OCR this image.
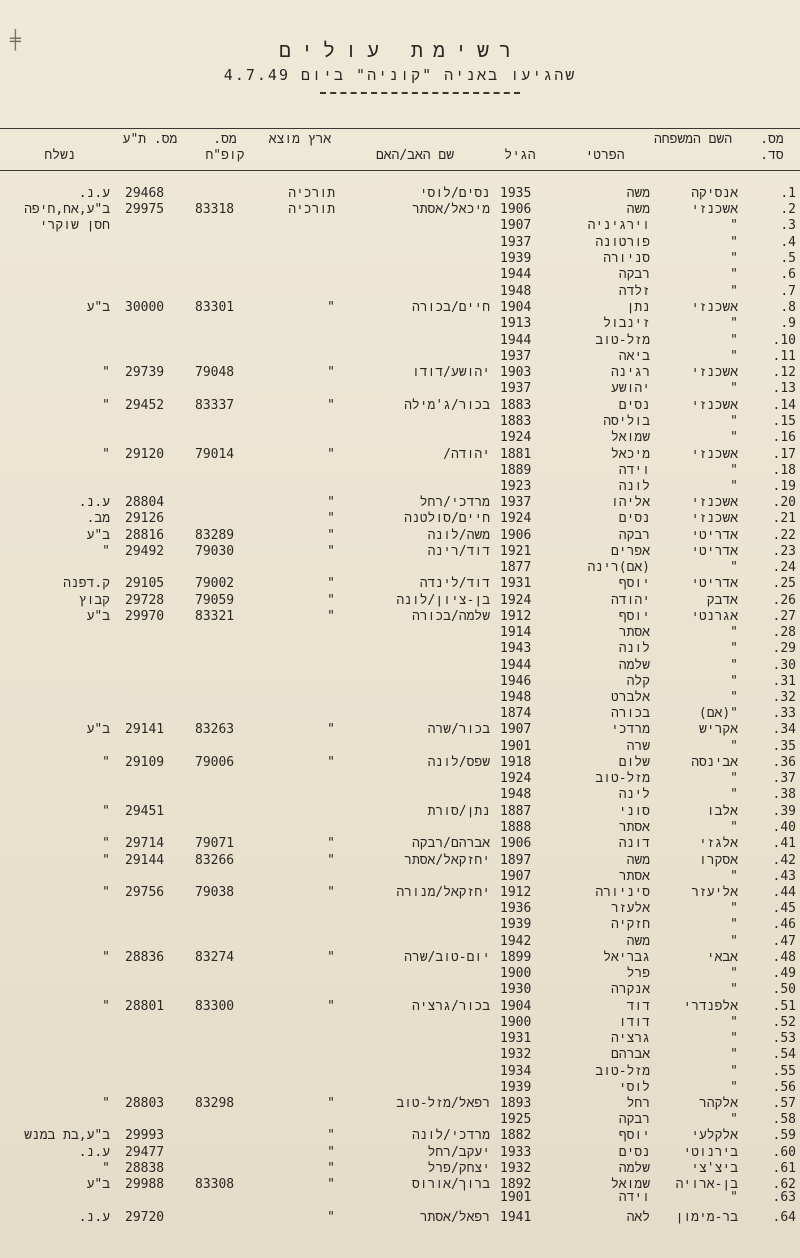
רשימת עולים
שהגיעו באניה "קוניה" ביום 4.7.49
מס. סד.
השם המשפחה
הפרטי
הגיל
שם האב/האם
ארץ מוצא
מס. קופ"ח
מס. ת"ע
נשלח
1.
אנסיקה
משה
1935
נסים/לוסי
תורכיה
29468
ע.נ.
2.
אשכנזי
משה
1906
מיכאל/אסתר
תורכיה
83318
29975
ב"ע,אח,חיפה
3.
"
וירגיניה
1907
חסן שוקרי
4.
"
פורטונה
1937
5.
"
סניורה
1939
6.
"
רבקה
1944
7.
"
זלדה
1948
8.
אשכנזי
נתן
1904
חיים/בכורה
"
83301
30000
ב"ע
9.
"
זינבול
1913
10.
"
מזל-טוב
1944
11.
"
ביאה
1937
12.
אשכנזי
רגינה
1903
יהושע/דודו
"
79048
29739
"
13.
"
יהושע
1937
14.
אשכנזי
נסים
1883
בכור/ג'מילה
"
83337
29452
"
15.
"
בוליסה
1883
16.
"
שמואל
1924
17.
אשכנזי
מיכאל
1881
יהודה/
"
79014
29120
"
18.
"
וידה
1889
19.
"
לונה
1923
20.
אשכנזי
אליהו
1937
מרדכי/רחל
"
28804
ע.נ.
21.
אשכנזי
נסים
1924
חיים/סולטנה
"
29126
מב.
22.
אדריטי
רבקה
1906
משה/לונה
"
83289
28816
ב"ע
23.
אדריטי
אפרים
1921
דוד/רינה
"
79030
29492
"
24.
"
(אם)רינה
1877
25.
אדריטי
יוסף
1931
דוד/לינדה
"
79002
29105
ק.דפנה
26.
אדבק
יהודה
1924
בן-ציון/לונה
"
79059
29728
קבוץ
27.
אגרנטי
יוסף
1912
שלמה/בכורה
"
83321
29970
ב"ע
28.
"
אסתר
1914
29.
"
לונה
1943
30.
"
שלמה
1944
31.
"
קלה
1946
32.
"
אלברט
1948
33.
"(אם)
בכורה
1874
34.
אקריש
מרדכי
1907
בכור/שרה
"
83263
29141
ב"ע
35.
"
שרה
1901
36.
אבינסה
שלום
1918
שפס/לונה
"
79006
29109
"
37.
"
מזל-טוב
1924
38.
"
לינה
1948
39.
אלבו
סוני
1887
נתן/סורת
29451
"
40.
"
אסתר
1888
41.
אלגזי
דונה
1906
אברהם/רבקה
"
79071
29714
"
42.
אסקרו
משה
1897
יחזקאל/אסתר
"
83266
29144
"
43.
"
אסתר
1907
44.
אליעזר
סיניורה
1912
יחזקאל/מנורה
"
79038
29756
"
45.
"
אלעזר
1936
46.
"
חזקיה
1939
47.
"
משה
1942
48.
אבאי
גבריאל
1899
יום-טוב/שרה
"
83274
28836
"
49.
"
פרל
1900
50.
"
אנקרה
1930
51.
אלפנדרי
דוד
1904
בכור/גרציה
"
83300
28801
"
52.
"
דודו
1900
53.
"
גרציה
1931
54.
"
אברהם
1932
55.
"
מזל-טוב
1934
56.
"
לוסי
1939
57.
אלקהר
רחל
1893
רפאל/מזל-טוב
"
83298
28803
"
58.
"
רבקה
1925
59.
אלקלעי
יוסף
1882
מרדכי/לונה
"
29993
ב"ע,בת במנש
60.
בירנוטי
נסים
1933
יעקב/רחל
"
29477
ע.נ.
61.
ביצ'צי
שלמה
1932
יצחק/פרל
"
28838
"
62.
בן-ארויה
שמואל
1892
ברוך/אורוס
"
83308
29988
ב"ע
63.
"
וידה
1901
64.
בר-מימון
לאה
1941
רפאל/אסתר
"
29720
ע.נ.
╪
